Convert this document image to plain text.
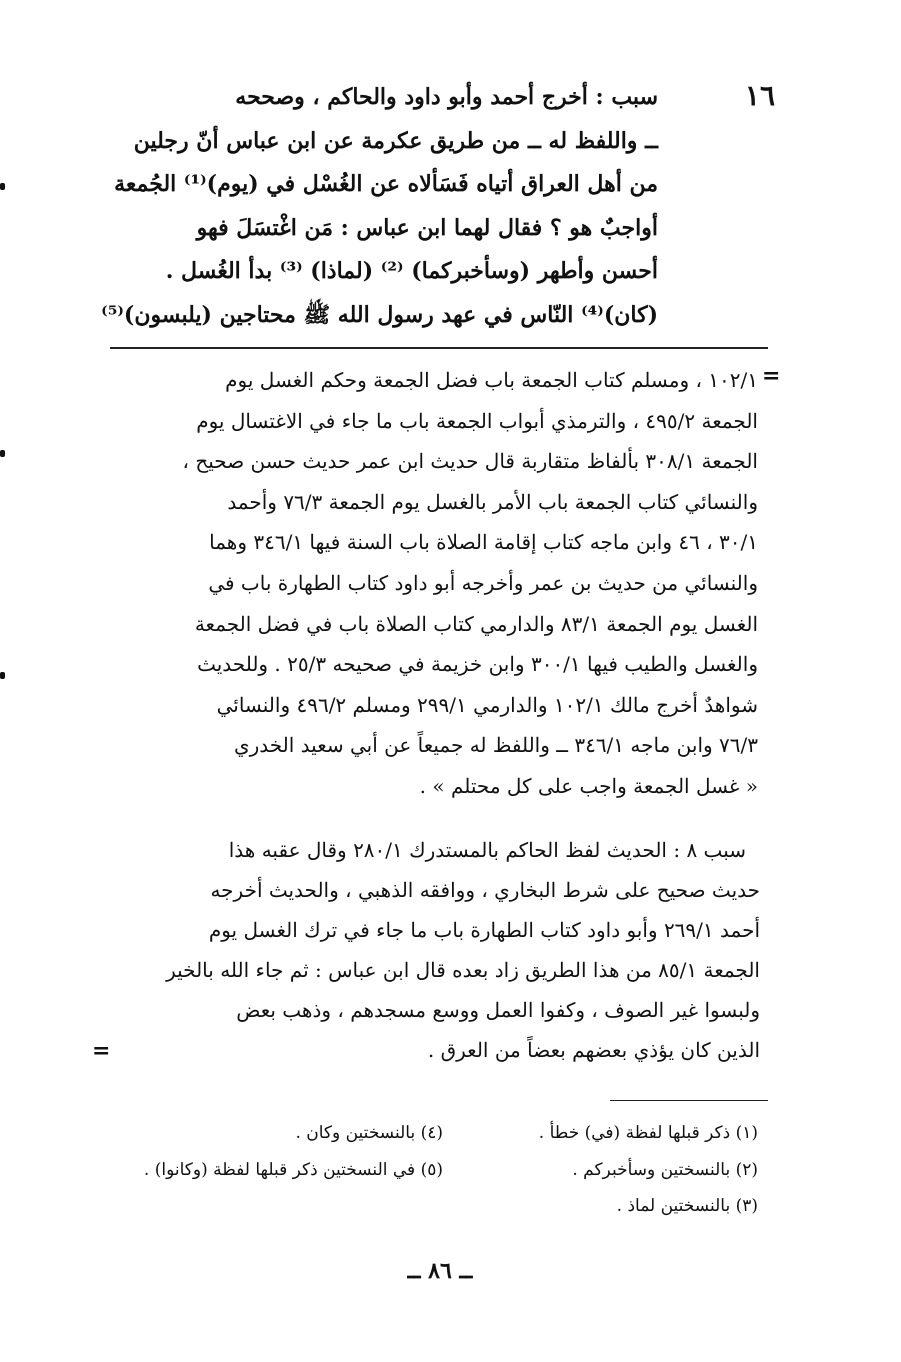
١٦
سبب : أخرج أحمد وأبو داود والحاكم ، وصححه
ــ واللفظ له ــ من طريق عكرمة عن ابن عباس أنّ رجلين
من أهل العراق أتياه فَسَألاه عن الغُسْل في (يوم)⁽¹⁾ الجُمعة
أواجبٌ هو ؟ فقال لهما ابن عباس : مَن اغْتسَلَ فهو
أحسن وأطهر (وسأخبركما) ⁽²⁾ (لماذا) ⁽³⁾ بدأ الغُسل .
(كان)⁽⁴⁾ النّاس في عهد رسول الله ﷺ محتاجين (يلبسون)⁽⁵⁾
=
١٠٢/١ ، ومسلم كتاب الجمعة باب فضل الجمعة وحكم الغسل يوم
الجمعة ٤٩٥/٢ ، والترمذي أبواب الجمعة باب ما جاء في الاغتسال يوم
الجمعة ٣٠٨/١ بألفاظ متقاربة قال حديث ابن عمر حديث حسن صحيح ،
والنسائي كتاب الجمعة باب الأمر بالغسل يوم الجمعة ٧٦/٣ وأحمد
٣٠/١ ، ٤٦ وابن ماجه كتاب إقامة الصلاة باب السنة فيها ٣٤٦/١ وهما
والنسائي من حديث بن عمر وأخرجه أبو داود كتاب الطهارة باب في
الغسل يوم الجمعة ٨٣/١ والدارمي كتاب الصلاة باب في فضل الجمعة
والغسل والطيب فيها ٣٠٠/١ وابن خزيمة في صحيحه ٢٥/٣ . وللحديث
شواهدٌ أخرج مالك ١٠٢/١ والدارمي ٢٩٩/١ ومسلم ٤٩٦/٢ والنسائي
٧٦/٣ وابن ماجه ٣٤٦/١ ــ واللفظ له جميعاً عن أبي سعيد الخدري
« غسل الجمعة واجب على كل محتلم » .
سبب ٨ : الحديث لفظ الحاكم بالمستدرك ٢٨٠/١ وقال عقبه هذا
حديث صحيح على شرط البخاري ، ووافقه الذهبي ، والحديث أخرجه
أحمد ٢٦٩/١ وأبو داود كتاب الطهارة باب ما جاء في ترك الغسل يوم
الجمعة ٨٥/١ من هذا الطريق زاد بعده قال ابن عباس : ثم جاء الله بالخير
ولبسوا غير الصوف ، وكفوا العمل ووسع مسجدهم ، وذهب بعض
الذين كان يؤذي بعضهم بعضاً من العرق .
=
(١) ذكر قبلها لفظة (في) خطأ .
(٢) بالنسختين وسأخبركم .
(٣) بالنسختين لماذ .
(٤) بالنسختين وكان .
(٥) في النسختين ذكر قبلها لفظة (وكانوا) .
ــ ٨٦ ــ
